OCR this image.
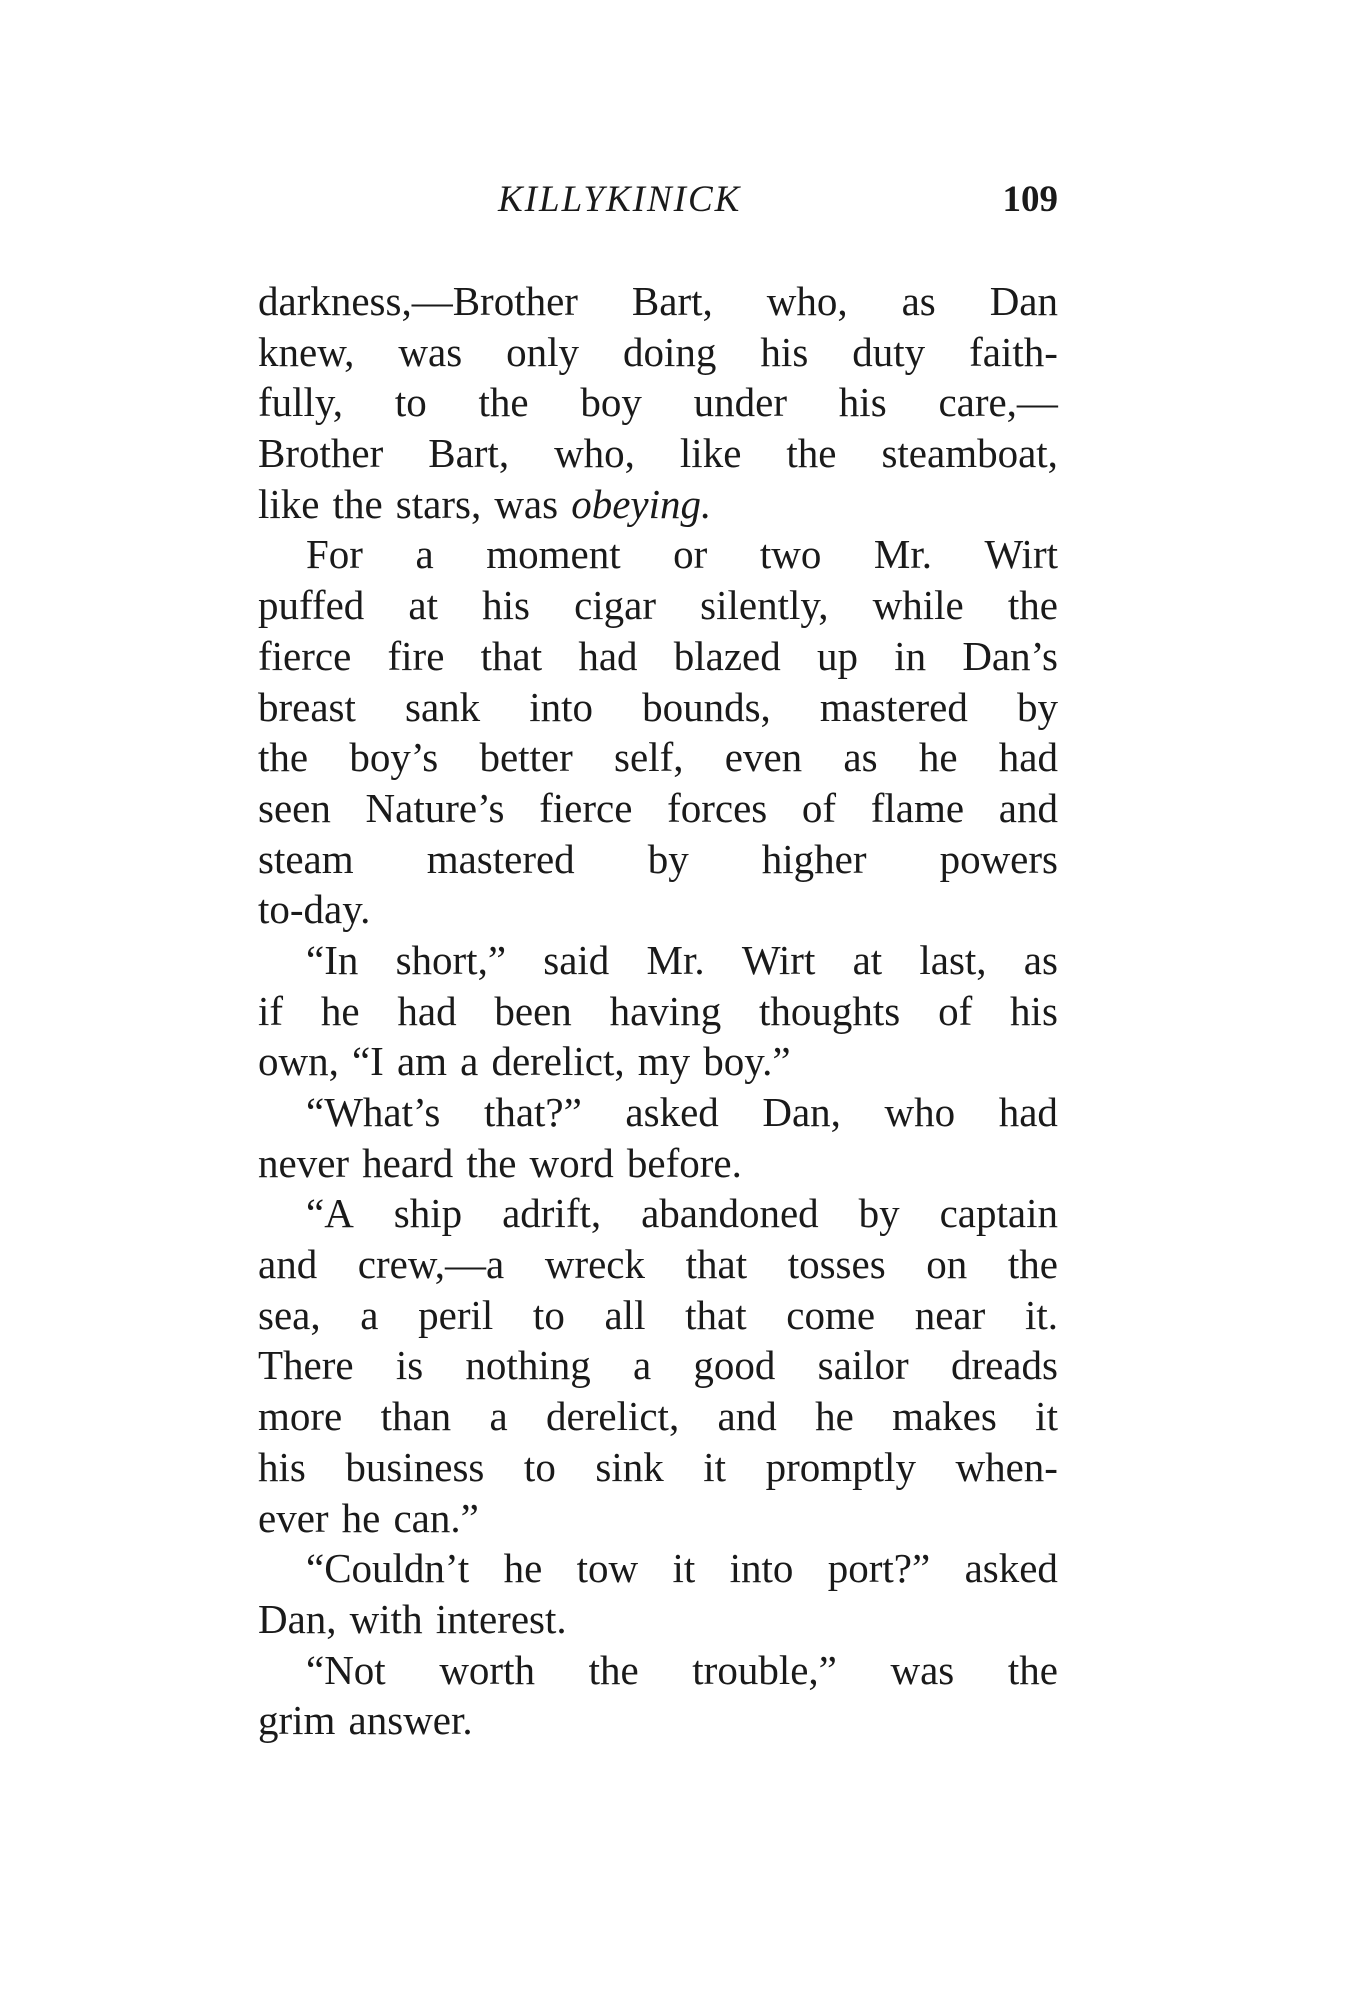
KILLYKINICK	109
darkness,—Brother Bart, who, as Dan
knew, was only doing his duty faith-
fully, to the boy under his care,—
Brother Bart, who, like the steamboat,
like the stars, was obeying.
For a moment or two Mr. Wirt
puffed at his cigar silently, while the
fierce fire that had blazed up in Dan’s
breast sank into bounds, mastered by
the boy’s better self, even as he had
seen Nature’s fierce forces of flame and
steam mastered by higher powers
to-day.
“In short,” said Mr. Wirt at last, as
if he had been having thoughts of his
own, “I am a derelict, my boy.”
“What’s that?” asked Dan, who had
never heard the word before.
“A ship adrift, abandoned by captain
and crew,—a wreck that tosses on the
sea, a peril to all that come near it.
There is nothing a good sailor dreads
more than a derelict, and he makes it
his business to sink it promptly when-
ever he can.”
“Couldn’t he tow it into port?” asked
Dan, with interest.
“Not worth the trouble,” was the
grim answer.
